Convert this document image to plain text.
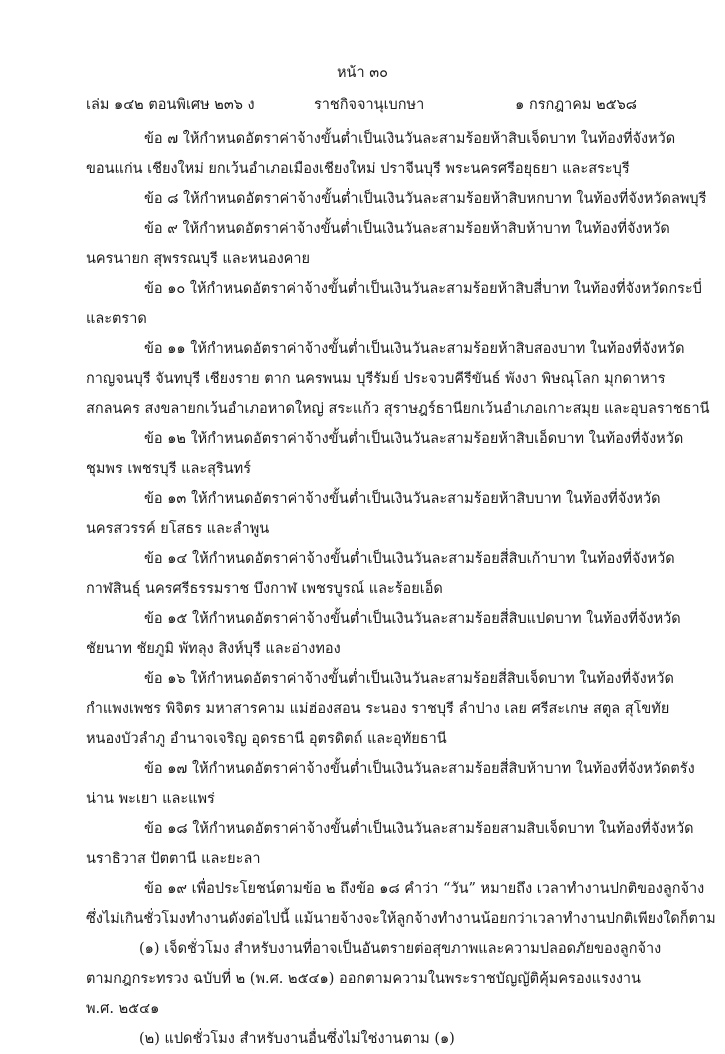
หน้า ๓๐
เล่ม ๑๔๒ ตอนพิเศษ ๒๓๖ ง	ราชกิจจานุเบกษา	๑ กรกฎาคม ๒๕๖๘
ข้อ ๗ ให้กำหนดอัตราค่าจ้างขั้นต่ำเป็นเงินวันละสามร้อยห้าสิบเจ็ดบาท ในท้องที่จังหวัด
ขอนแก่น เชียงใหม่ ยกเว้นอำเภอเมืองเชียงใหม่ ปราจีนบุรี พระนครศรีอยุธยา และสระบุรี
ข้อ ๘ ให้กำหนดอัตราค่าจ้างขั้นต่ำเป็นเงินวันละสามร้อยห้าสิบหกบาท ในท้องที่จังหวัดลพบุรี
ข้อ ๙ ให้กำหนดอัตราค่าจ้างขั้นต่ำเป็นเงินวันละสามร้อยห้าสิบห้าบาท ในท้องที่จังหวัด
นครนายก สุพรรณบุรี และหนองคาย
ข้อ ๑๐ ให้กำหนดอัตราค่าจ้างขั้นต่ำเป็นเงินวันละสามร้อยห้าสิบสี่บาท ในท้องที่จังหวัดกระบี่
และตราด
ข้อ ๑๑ ให้กำหนดอัตราค่าจ้างขั้นต่ำเป็นเงินวันละสามร้อยห้าสิบสองบาท ในท้องที่จังหวัด
กาญจนบุรี จันทบุรี เชียงราย ตาก นครพนม บุรีรัมย์ ประจวบคีรีขันธ์ พังงา พิษณุโลก มุกดาหาร
สกลนคร สงขลายกเว้นอำเภอหาดใหญ่ สระแก้ว สุราษฎร์ธานียกเว้นอำเภอเกาะสมุย และอุบลราชธานี
ข้อ ๑๒ ให้กำหนดอัตราค่าจ้างขั้นต่ำเป็นเงินวันละสามร้อยห้าสิบเอ็ดบาท ในท้องที่จังหวัด
ชุมพร เพชรบุรี และสุรินทร์
ข้อ ๑๓ ให้กำหนดอัตราค่าจ้างขั้นต่ำเป็นเงินวันละสามร้อยห้าสิบบาท ในท้องที่จังหวัด
นครสวรรค์ ยโสธร และลำพูน
ข้อ ๑๔ ให้กำหนดอัตราค่าจ้างขั้นต่ำเป็นเงินวันละสามร้อยสี่สิบเก้าบาท ในท้องที่จังหวัด
กาฬสินธุ์ นครศรีธรรมราช บึงกาฬ เพชรบูรณ์ และร้อยเอ็ด
ข้อ ๑๕ ให้กำหนดอัตราค่าจ้างขั้นต่ำเป็นเงินวันละสามร้อยสี่สิบแปดบาท ในท้องที่จังหวัด
ชัยนาท ชัยภูมิ พัทลุง สิงห์บุรี และอ่างทอง
ข้อ ๑๖ ให้กำหนดอัตราค่าจ้างขั้นต่ำเป็นเงินวันละสามร้อยสี่สิบเจ็ดบาท ในท้องที่จังหวัด
กำแพงเพชร พิจิตร มหาสารคาม แม่ฮ่องสอน ระนอง ราชบุรี ลำปาง เลย ศรีสะเกษ สตูล สุโขทัย
หนองบัวลำภู อำนาจเจริญ อุดรธานี อุตรดิตถ์ และอุทัยธานี
ข้อ ๑๗ ให้กำหนดอัตราค่าจ้างขั้นต่ำเป็นเงินวันละสามร้อยสี่สิบห้าบาท ในท้องที่จังหวัดตรัง
น่าน พะเยา และแพร่
ข้อ ๑๘ ให้กำหนดอัตราค่าจ้างขั้นต่ำเป็นเงินวันละสามร้อยสามสิบเจ็ดบาท ในท้องที่จังหวัด
นราธิวาส ปัตตานี และยะลา
ข้อ ๑๙ เพื่อประโยชน์ตามข้อ ๒ ถึงข้อ ๑๘ คำว่า “วัน” หมายถึง เวลาทำงานปกติของลูกจ้าง
ซึ่งไม่เกินชั่วโมงทำงานดังต่อไปนี้ แม้นายจ้างจะให้ลูกจ้างทำงานน้อยกว่าเวลาทำงานปกติเพียงใดก็ตาม
(๑) เจ็ดชั่วโมง สำหรับงานที่อาจเป็นอันตรายต่อสุขภาพและความปลอดภัยของลูกจ้าง
ตามกฎกระทรวง ฉบับที่ ๒ (พ.ศ. ๒๕๔๑) ออกตามความในพระราชบัญญัติคุ้มครองแรงงาน
พ.ศ. ๒๕๔๑
(๒) แปดชั่วโมง สำหรับงานอื่นซึ่งไม่ใช่งานตาม (๑)
